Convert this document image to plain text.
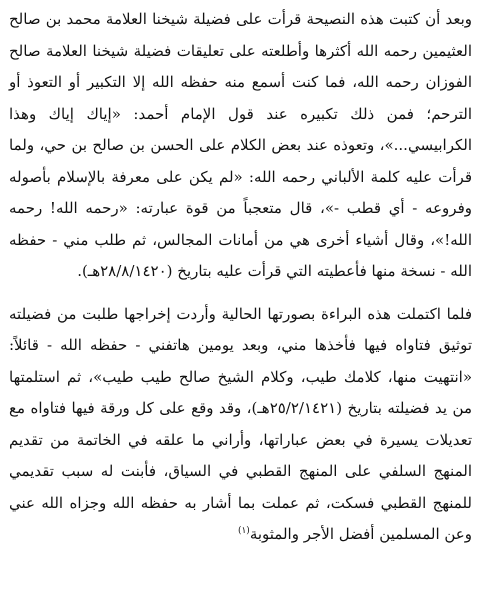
وبعد أن كتبت هذه النصيحة قرأت على فضيلة شيخنا العلامة محمد بن صالح العثيمين رحمه الله أكثرها وأطلعته على تعليقات فضيلة شيخنا العلامة صالح الفوزان رحمه الله، فما كنت أسمع منه حفظه الله إلا التكبير أو التعوذ أو الترحم؛ فمن ذلك تكبيره عند قول الإمام أحمد: «إياك إياك وهذا الكرابيسي...»، وتعوذه عند بعض الكلام على الحسن بن صالح بن حي، ولما قرأت عليه كلمة الألباني رحمه الله: «لم يكن على معرفة بالإسلام بأصوله وفروعه - أي قطب -»، قال متعجباً من قوة عبارته: «رحمه الله! رحمه الله!»، وقال أشياء أخرى هي من أمانات المجالس، ثم طلب مني - حفظه الله - نسخة منها فأعطيته التي قرأت عليه بتاريخ (٢٨/٨/١٤٢٠هـ).

فلما اكتملت هذه البراءة بصورتها الحالية وأردت إخراجها طلبت من فضيلته توثيق فتاواه فيها فأخذها مني، وبعد يومين هاتفني - حفظه الله - قائلاً: «انتهيت منها، كلامك طيب، وكلام الشيخ صالح طيب طيب»، ثم استلمتها من يد فضيلته بتاريخ (٢٥/٢/١٤٢١هـ)، وقد وقع على كل ورقة فيها فتاواه مع تعديلات يسيرة في بعض عباراتها، وأراني ما علقه في الخاتمة من تقديم المنهج السلفي على المنهج القطبي في السياق، فأبنت له سبب تقديمي للمنهج القطبي فسكت، ثم عملت بما أشار به حفظه الله وجزاه الله عني وعن المسلمين أفضل الأجر والمثوبة$^{(١)}$
